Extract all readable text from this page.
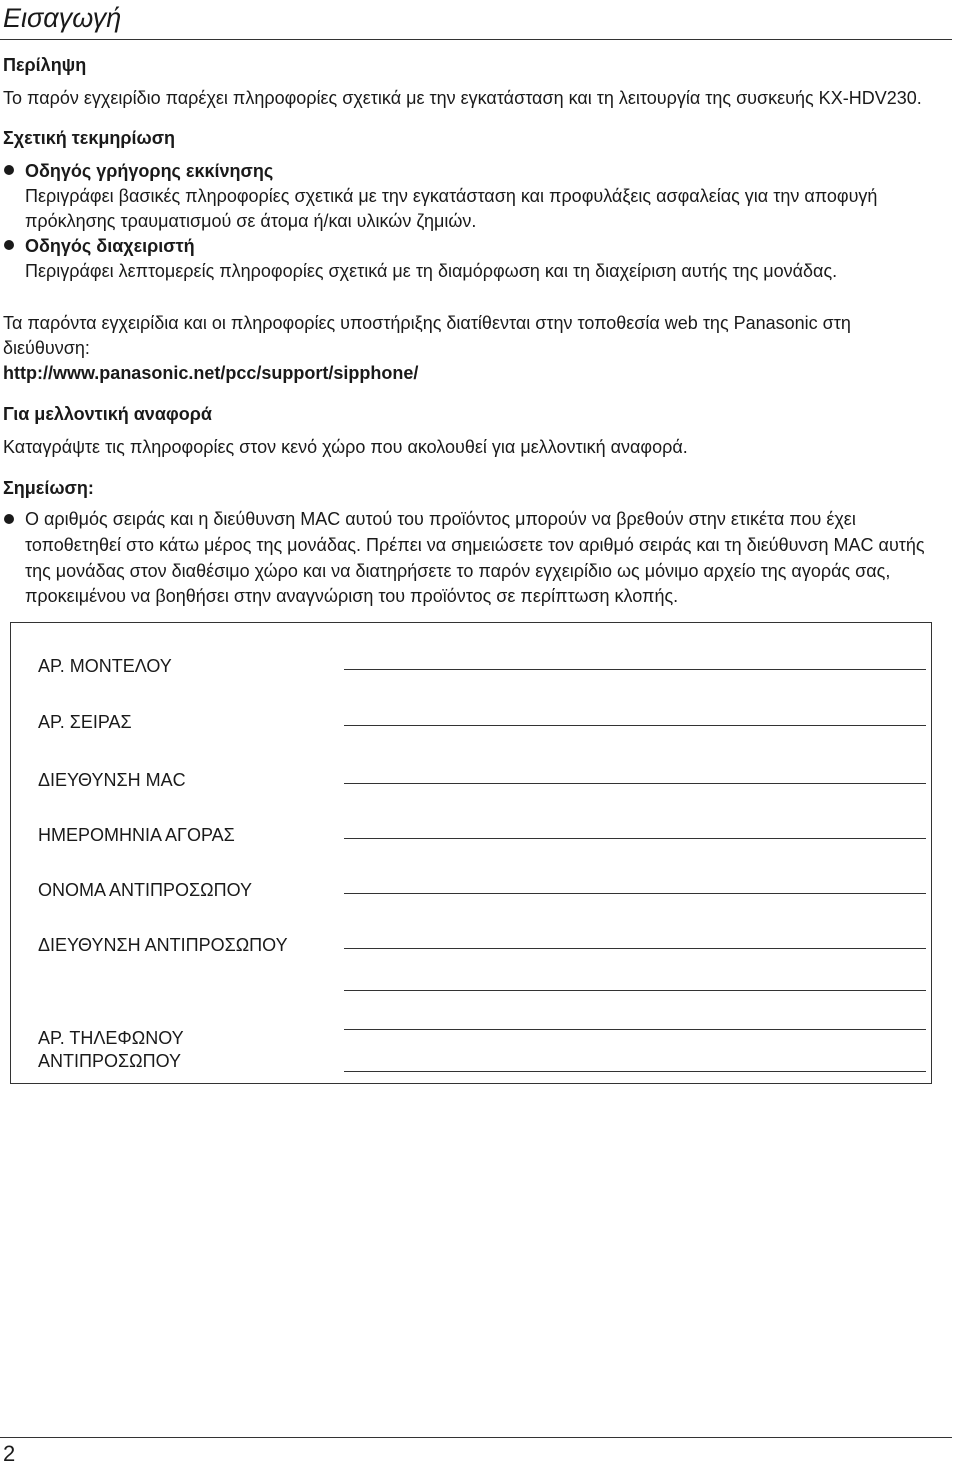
Εισαγωγή
Περίληψη
Το παρόν εγχειρίδιο παρέχει πληροφορίες σχετικά με την εγκατάσταση και τη λειτουργία της συσκευής KX-HDV230.
Σχετική τεκμηρίωση
Οδηγός γρήγορης εκκίνησης
Περιγράφει βασικές πληροφορίες σχετικά με την εγκατάσταση και προφυλάξεις ασφαλείας για την αποφυγή
πρόκλησης τραυματισμού σε άτομα ή/και υλικών ζημιών.
Οδηγός διαχειριστή
Περιγράφει λεπτομερείς πληροφορίες σχετικά με τη διαμόρφωση και τη διαχείριση αυτής της μονάδας.
Τα παρόντα εγχειρίδια και οι πληροφορίες υποστήριξης διατίθενται στην τοποθεσία web της Panasonic στη
διεύθυνση:
http://www.panasonic.net/pcc/support/sipphone/
Για μελλοντική αναφορά
Καταγράψτε τις πληροφορίες στον κενό χώρο που ακολουθεί για μελλοντική αναφορά.
Σημείωση:
Ο αριθμός σειράς και η διεύθυνση MAC αυτού του προϊόντος μπορούν να βρεθούν στην ετικέτα που έχει
τοποθετηθεί στο κάτω μέρος της μονάδας. Πρέπει να σημειώσετε τον αριθμό σειράς και τη διεύθυνση MAC αυτής
της μονάδας στον διαθέσιμο χώρο και να διατηρήσετε το παρόν εγχειρίδιο ως μόνιμο αρχείο της αγοράς σας,
προκειμένου να βοηθήσει στην αναγνώριση του προϊόντος σε περίπτωση κλοπής.
ΑΡ. ΜΟΝΤΕΛΟΥ
ΑΡ. ΣΕΙΡΑΣ
ΔΙΕΥΘΥΝΣΗ MAC
ΗΜΕΡΟΜΗΝΙΑ ΑΓΟΡΑΣ
ΟΝΟΜΑ ΑΝΤΙΠΡΟΣΩΠΟΥ
ΔΙΕΥΘΥΝΣΗ ΑΝΤΙΠΡΟΣΩΠΟΥ
ΑΡ. ΤΗΛΕΦΩΝΟΥ
ΑΝΤΙΠΡΟΣΩΠΟΥ
2
